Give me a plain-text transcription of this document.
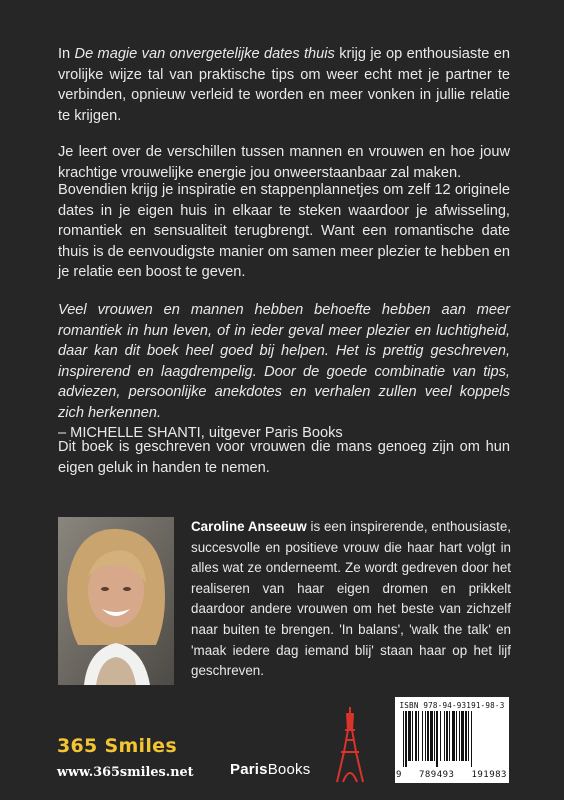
In De magie van onvergetelijke dates thuis krijg je op enthousiaste en vrolijke wijze tal van praktische tips om weer echt met je partner te verbinden, opnieuw verleid te worden en meer vonken in jullie relatie te krijgen.

Je leert over de verschillen tussen mannen en vrouwen en hoe jouw krachtige vrouwelijke energie jou onweerstaanbaar zal maken.

Bovendien krijg je inspiratie en stappenplannetjes om zelf 12 originele dates in je eigen huis in elkaar te steken waardoor je afwisseling, romantiek en sensualiteit terugbrengt. Want een romantische date thuis is de eenvoudigste manier om samen meer plezier te hebben en je relatie een boost te geven.

Veel vrouwen en mannen hebben behoefte hebben aan meer romantiek in hun leven, of in ieder geval meer plezier en luchtigheid, daar kan dit boek heel goed bij helpen. Het is prettig geschreven, inspirerend en laagdrempelig. Door de goede combinatie van tips, adviezen, persoonlijke anekdotes en verhalen zullen veel koppels zich herkennen.

– MICHELLE SHANTI, uitgever Paris Books

Dit boek is geschreven voor vrouwen die mans genoeg zijn om hun eigen geluk in handen te nemen.

Caroline Anseeuw is een inspirerende, enthousiaste, succesvolle en positieve vrouw die haar hart volgt in alles wat ze onderneemt. Ze wordt gedreven door het realiseren van haar eigen dromen en prikkelt daardoor andere vrouwen om het beste van zichzelf naar buiten te brengen. 'In balans', 'walk the talk' en 'maak iedere dag iemand blij' staan haar op het lijf geschreven.
365 Smiles
www.365smiles.net ParisBooks
ISBN 978-94-93191-98-3
9 789493 191983
